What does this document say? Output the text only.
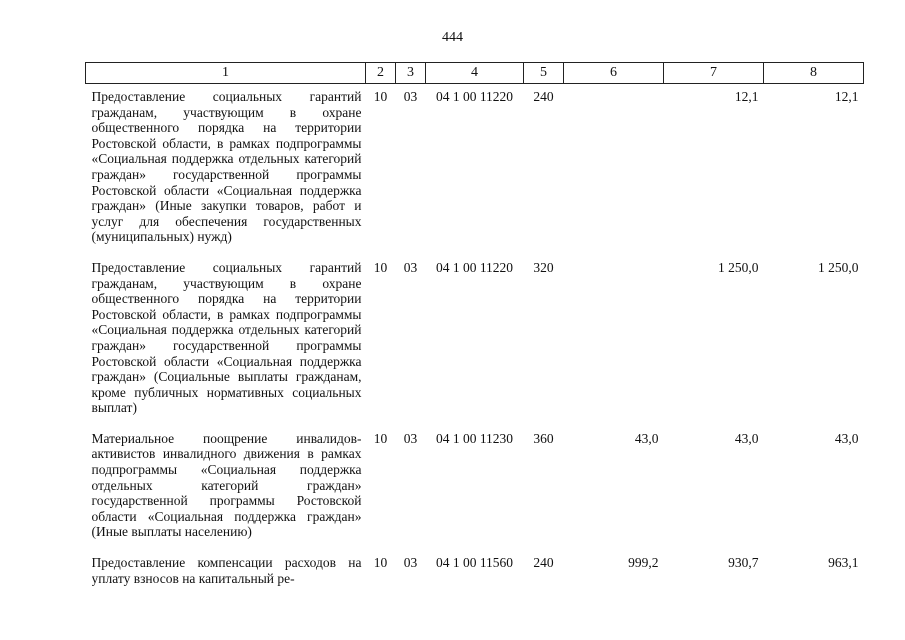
444
1	2	3	4	5	6	7	8
Предоставление социальных гарантий гражданам, участвующим в охране общественного порядка на территории Ростовской области, в рамках подпрограммы «Социальная поддержка отдельных категорий граждан» государственной программы Ростовской области «Социальная поддержка граждан» (Иные закупки товаров, работ и услуг для обеспечения государственных (муниципальных) нужд)	10	03	04 1 00 11220	240		12,1	12,1
Предоставление социальных гарантий гражданам, участвующим в охране общественного порядка на территории Ростовской области, в рамках подпрограммы «Социальная поддержка отдельных категорий граждан» государственной программы Ростовской области «Социальная поддержка граждан» (Социальные выплаты гражданам, кроме публичных нормативных социальных выплат)	10	03	04 1 00 11220	320		1 250,0	1 250,0
Материальное поощрение инвалидов-активистов инвалидного движения в рамках подпрограммы «Социальная поддержка отдельных категорий граждан» государственной программы Ростовской области «Социальная поддержка граждан» (Иные выплаты населению)	10	03	04 1 00 11230	360	43,0	43,0	43,0

Предоставление компенсации расходов на уплату взносов на капитальный ре-	10	03	04 1 00 11560	240	999,2	930,7	963,1
